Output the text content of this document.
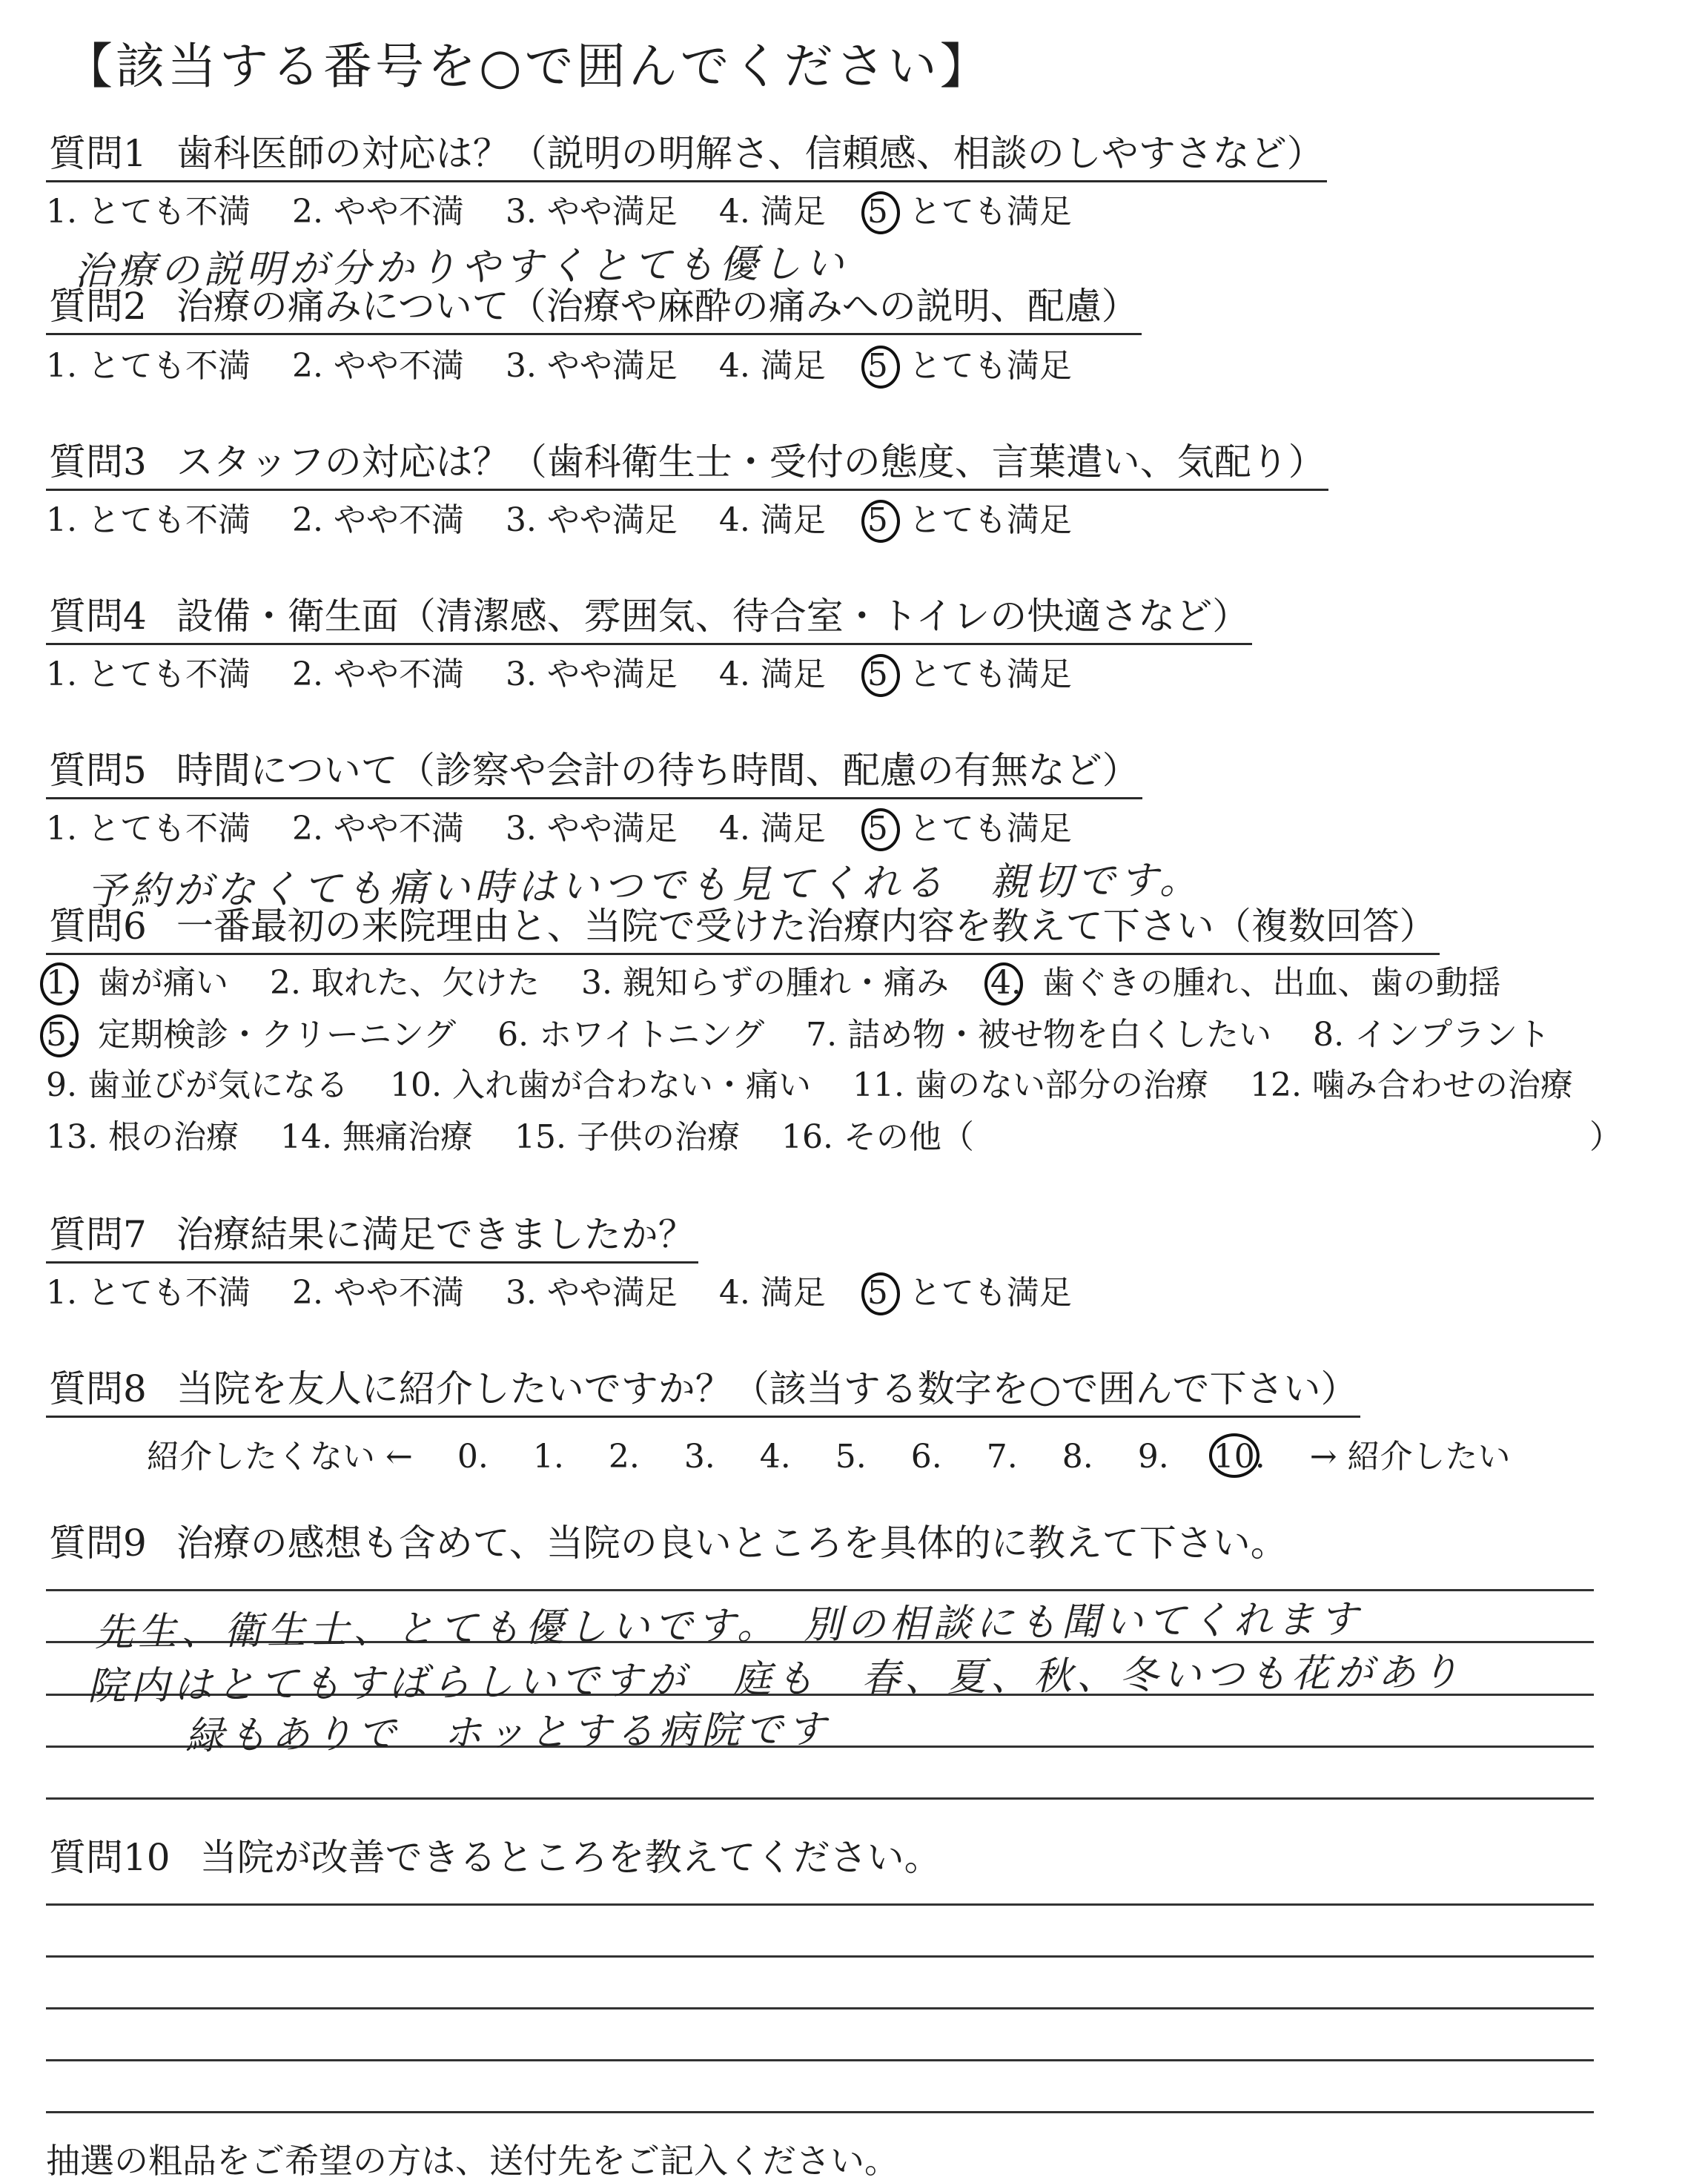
【該当する番号を○で囲んでください】
質問1 歯科医師の対応は？（説明の明解さ、信頼感、相談のしやすさなど）
1. とても不満 2. やや不満 3. やや満足 4. 満足 5 とても満足
治療の説明が分かりやすくとても優しい
質問2 治療の痛みについて（治療や麻酔の痛みへの説明、配慮）
1. とても不満 2. やや不満 3. やや満足 4. 満足 5 とても満足
質問3 スタッフの対応は？（歯科衛生士・受付の態度、言葉遣い、気配り）
1. とても不満 2. やや不満 3. やや満足 4. 満足 5 とても満足
質問4 設備・衛生面（清潔感、雰囲気、待合室・トイレの快適さなど）
1. とても不満 2. やや不満 3. やや満足 4. 満足 5 とても満足
質問5 時間について（診察や会計の待ち時間、配慮の有無など）
1. とても不満 2. やや不満 3. やや満足 4. 満足 5 とても満足
予約がなくても痛い時はいつでも見てくれる　親切です。
質問6 一番最初の来院理由と、当院で受けた治療内容を教えて下さい（複数回答）
1. 歯が痛い 2. 取れた、欠けた 3. 親知らずの腫れ・痛み 4. 歯ぐきの腫れ、出血、歯の動揺
5. 定期検診・クリーニング 6. ホワイトニング 7. 詰め物・被せ物を白くしたい 8. インプラント
9. 歯並びが気になる 10. 入れ歯が合わない・痛い 11. 歯のない部分の治療 12. 噛み合わせの治療
13. 根の治療 14. 無痛治療 15. 子供の治療 16. その他（	）
質問7 治療結果に満足できましたか？
1. とても不満 2. やや不満 3. やや満足 4. 満足 5 とても満足
質問8 当院を友人に紹介したいですか？（該当する数字を○で囲んで下さい）
紹介したくない ← 0. 1. 2. 3. 4. 5. 6. 7. 8. 9. 10. → 紹介したい
質問9 治療の感想も含めて、当院の良いところを具体的に教えて下さい。
先生、衛生士、とても優しいです。　別の相談にも聞いてくれます
院内はとてもすばらしいですが　庭も　春、夏、秋、冬いつも花があり
緑もありで　ホッとする病院です
質問10 当院が改善できるところを教えてください。
抽選の粗品をご希望の方は、送付先をご記入ください。
